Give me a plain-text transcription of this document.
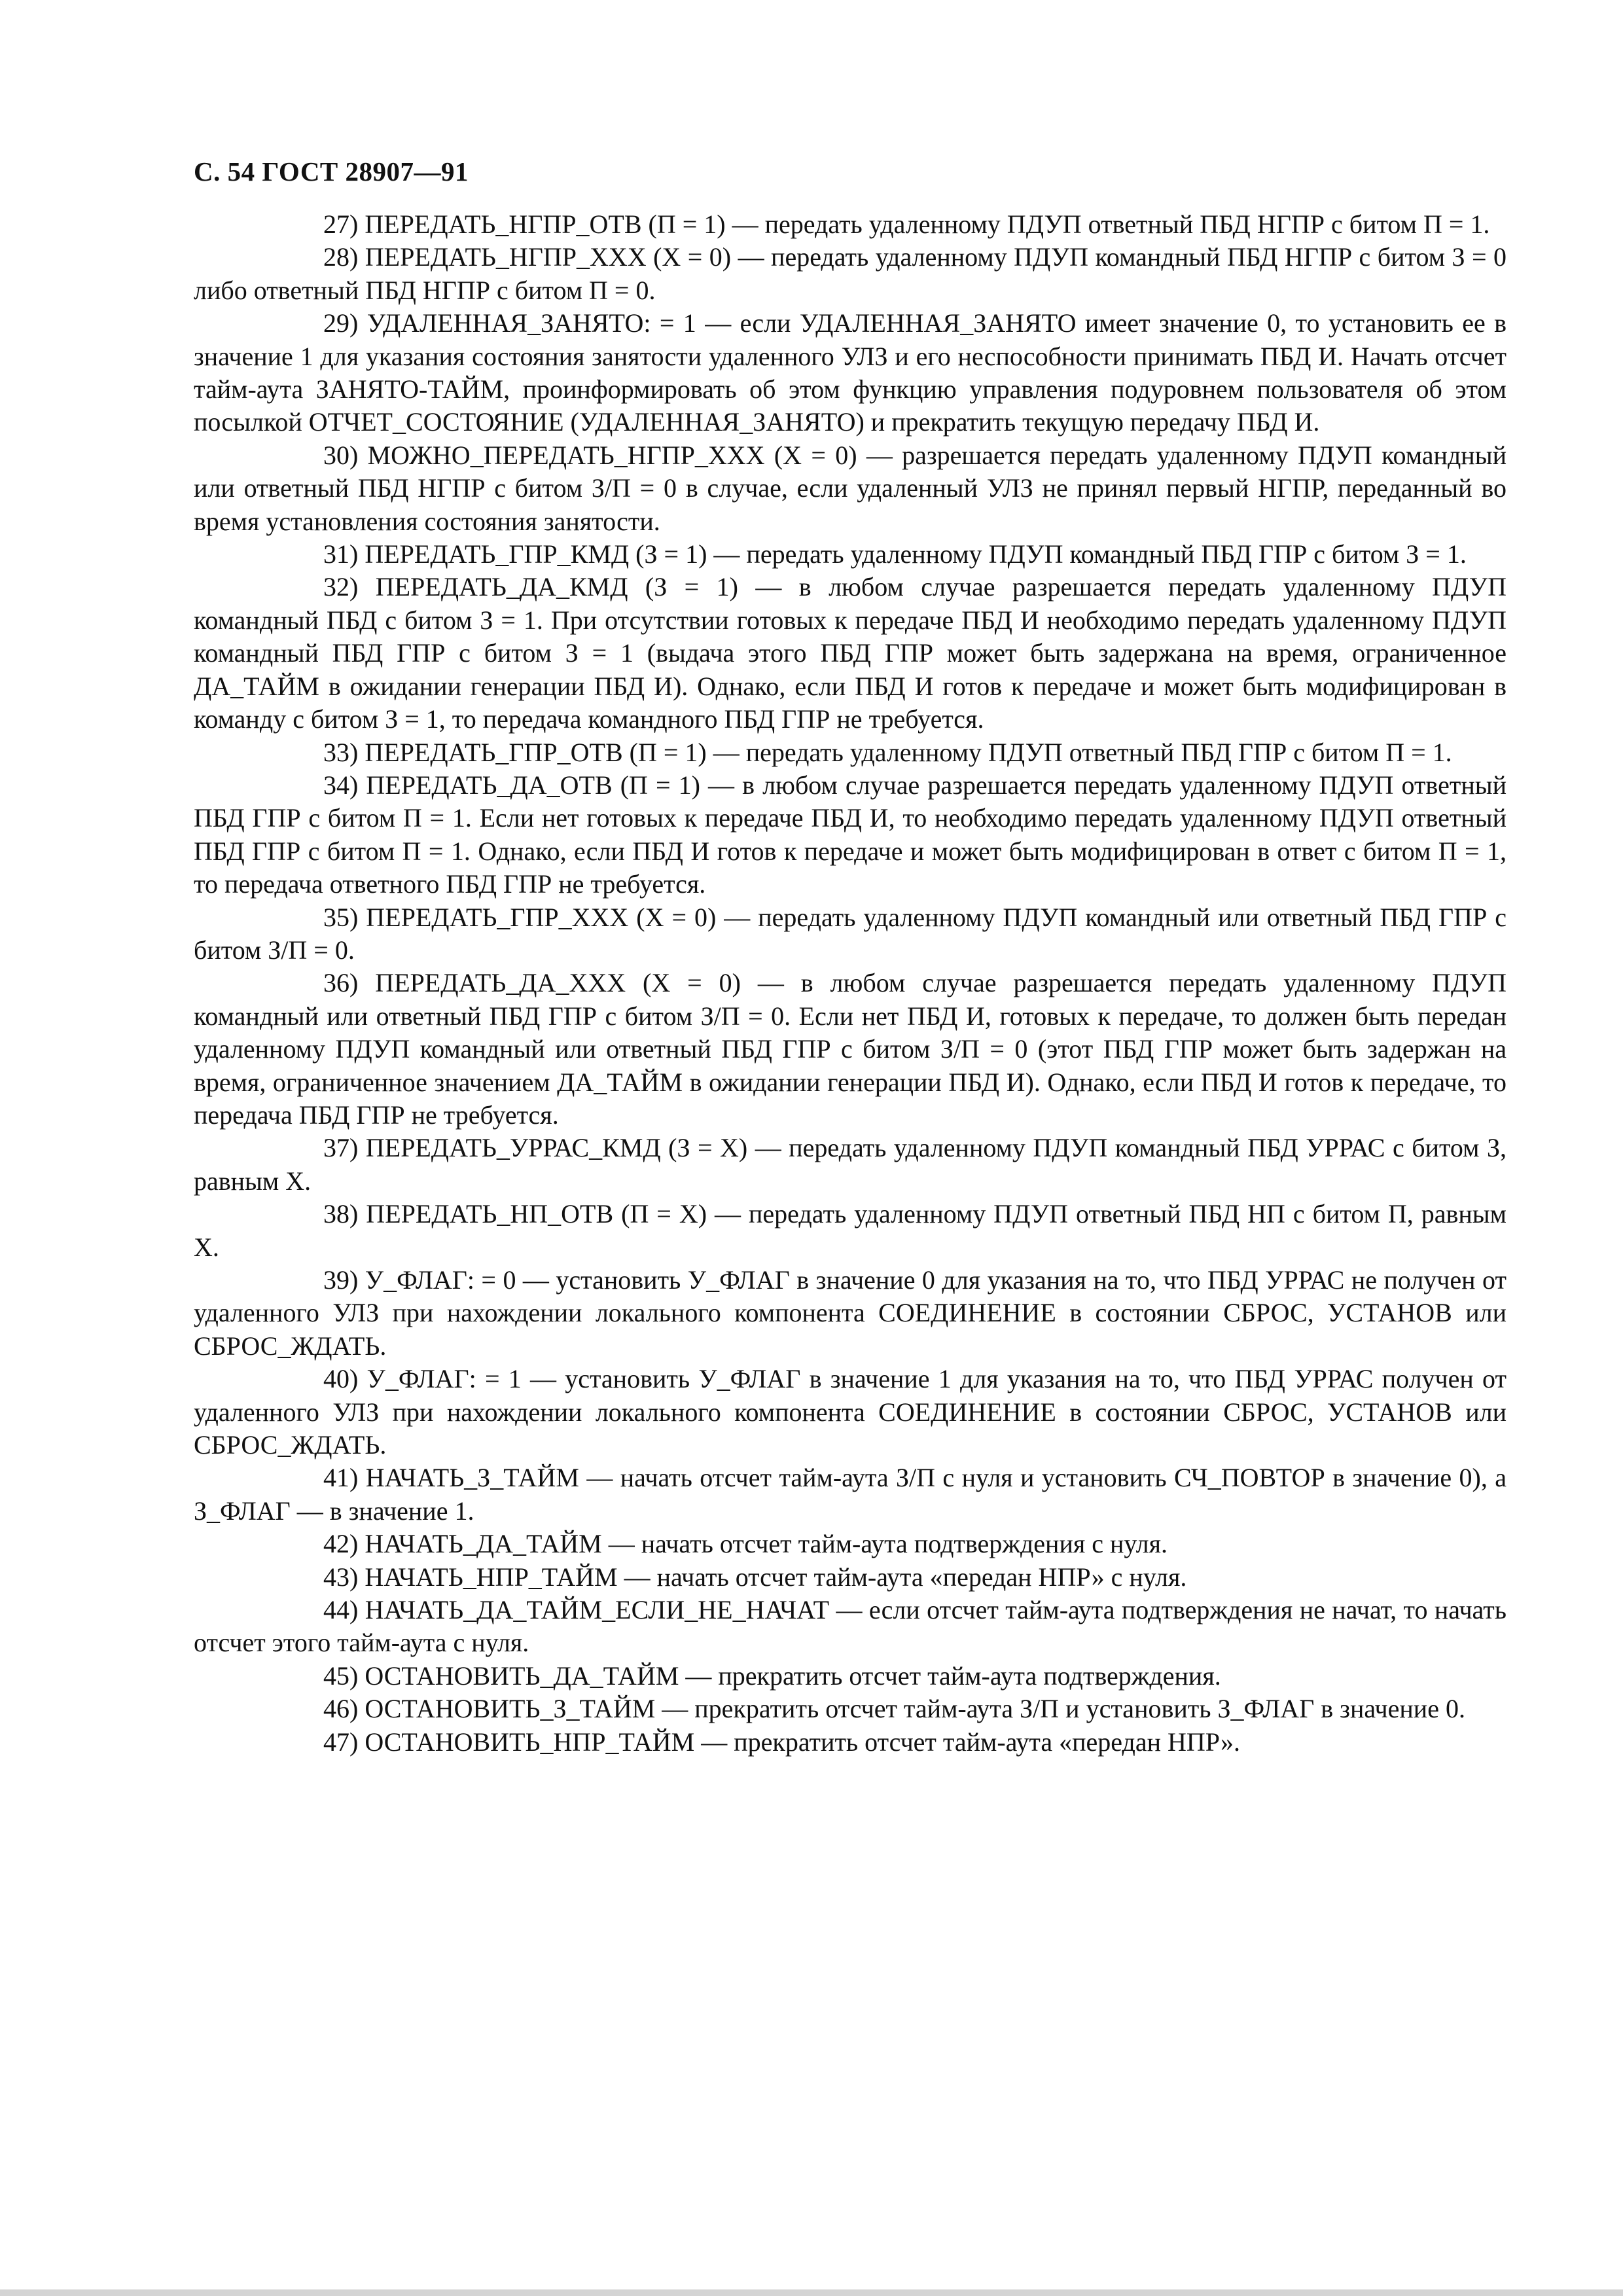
С. 54 ГОСТ 28907—91

27) ПЕРЕДАТЬ_НГПР_ОТВ (П = 1) — передать удаленному ПДУП ответный ПБД НГПР с битом П = 1.

28) ПЕРЕДАТЬ_НГПР_XXX (X = 0) — передать удаленному ПДУП командный ПБД НГПР с битом З = 0 либо ответный ПБД НГПР с битом П = 0.

29) УДАЛЕННАЯ_ЗАНЯТО: = 1 — если УДАЛЕННАЯ_ЗАНЯТО имеет значение 0, то установить ее в значение 1 для указания состояния занятости удаленного УЛЗ и его неспособности принимать ПБД И. Начать отсчет тайм-аута ЗАНЯТО-ТАЙМ, проинформировать об этом функцию управления подуровнем пользователя об этом посылкой ОТЧЕТ_СОСТОЯНИЕ (УДАЛЕННАЯ_ЗАНЯТО) и прекратить текущую передачу ПБД И.

30) МОЖНО_ПЕРЕДАТЬ_НГПР_XXX (X = 0) — разрешается передать удаленному ПДУП командный или ответный ПБД НГПР с битом З/П = 0 в случае, если удаленный УЛЗ не принял первый НГПР, переданный во время установления состояния занятости.

31) ПЕРЕДАТЬ_ГПР_КМД (З = 1) — передать удаленному ПДУП командный ПБД ГПР с битом З = 1.

32) ПЕРЕДАТЬ_ДА_КМД (З = 1) — в любом случае разрешается передать удаленному ПДУП командный ПБД с битом З = 1. При отсутствии готовых к передаче ПБД И необходимо передать удаленному ПДУП командный ПБД ГПР с битом З = 1 (выдача этого ПБД ГПР может быть задержана на время, ограниченное ДА_ТАЙМ в ожидании генерации ПБД И). Однако, если ПБД И готов к передаче и может быть модифицирован в команду с битом З = 1, то передача командного ПБД ГПР не требуется.

33) ПЕРЕДАТЬ_ГПР_ОТВ (П = 1) — передать удаленному ПДУП ответный ПБД ГПР с битом П = 1.

34) ПЕРЕДАТЬ_ДА_ОТВ (П = 1) — в любом случае разрешается передать удаленному ПДУП ответный ПБД ГПР с битом П = 1. Если нет готовых к передаче ПБД И, то необходимо передать удаленному ПДУП ответный ПБД ГПР с битом П = 1. Однако, если ПБД И готов к передаче и может быть модифицирован в ответ с битом П = 1, то передача ответного ПБД ГПР не требуется.

35) ПЕРЕДАТЬ_ГПР_XXX (X = 0) — передать удаленному ПДУП командный или ответный ПБД ГПР с битом З/П = 0.

36) ПЕРЕДАТЬ_ДА_XXX (X = 0) — в любом случае разрешается передать удаленному ПДУП командный или ответный ПБД ГПР с битом З/П = 0. Если нет ПБД И, готовых к передаче, то должен быть передан удаленному ПДУП командный или ответный ПБД ГПР с битом З/П = 0 (этот ПБД ГПР может быть задержан на время, ограниченное значением ДА_ТАЙМ в ожидании генерации ПБД И). Однако, если ПБД И готов к передаче, то передача ПБД ГПР не требуется.

37) ПЕРЕДАТЬ_УРРАС_КМД (З = X) — передать удаленному ПДУП командный ПБД УРРАС с битом З, равным X.

38) ПЕРЕДАТЬ_НП_ОТВ (П = X) — передать удаленному ПДУП ответный ПБД НП с битом П, равным X.

39) У_ФЛАГ: = 0 — установить У_ФЛАГ в значение 0 для указания на то, что ПБД УРРАС не получен от удаленного УЛЗ при нахождении локального компонента СОЕДИНЕНИЕ в состоянии СБРОС, УСТАНОВ или СБРОС_ЖДАТЬ.

40) У_ФЛАГ: = 1 — установить У_ФЛАГ в значение 1 для указания на то, что ПБД УРРАС получен от удаленного УЛЗ при нахождении локального компонента СОЕДИНЕНИЕ в состоянии СБРОС, УСТАНОВ или СБРОС_ЖДАТЬ.

41) НАЧАТЬ_З_ТАЙМ — начать отсчет тайм-аута З/П с нуля и установить СЧ_ПОВТОР в значение 0), а З_ФЛАГ — в значение 1.

42) НАЧАТЬ_ДА_ТАЙМ — начать отсчет тайм-аута подтверждения с нуля.

43) НАЧАТЬ_НПР_ТАЙМ — начать отсчет тайм-аута «передан НПР» с нуля.

44) НАЧАТЬ_ДА_ТАЙМ_ЕСЛИ_НЕ_НАЧАТ — если отсчет тайм-аута подтверждения не начат, то начать отсчет этого тайм-аута с нуля.

45) ОСТАНОВИТЬ_ДА_ТАЙМ — прекратить отсчет тайм-аута подтверждения.

46) ОСТАНОВИТЬ_З_ТАЙМ — прекратить отсчет тайм-аута З/П и установить З_ФЛАГ в значение 0.

47) ОСТАНОВИТЬ_НПР_ТАЙМ — прекратить отсчет тайм-аута «передан НПР».
